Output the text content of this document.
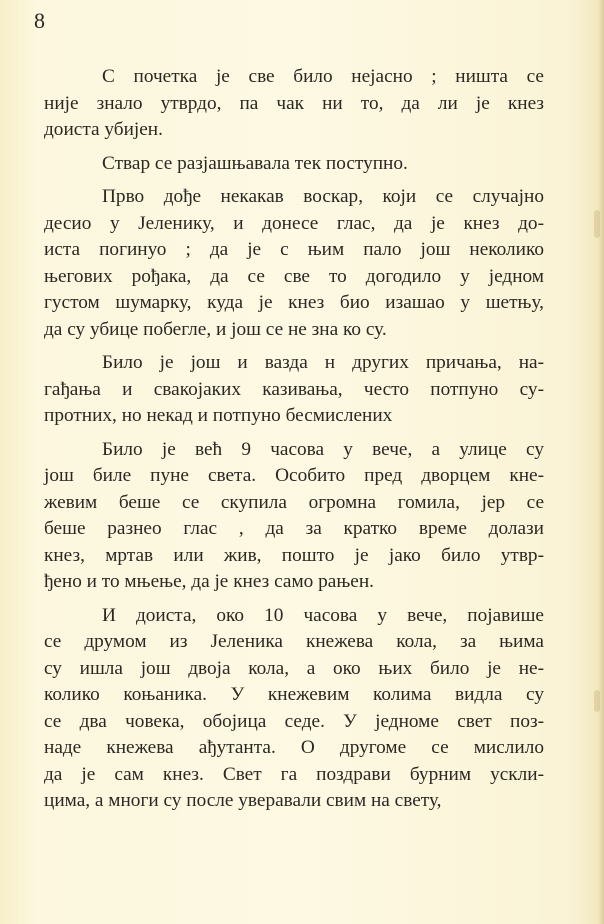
8

С почетка је све било нејасно ; ништа се
није знало утврдо, па чак ни то, да ли је кнез
доиста убијен.
Ствар се разјашњавала тек поступно.
Прво дође некакав воскар, који се случајно
десио у Јеленику, и донесе глас, да је кнез до-
иста погинуо ; да је с њим пало још неколико
његових рођака, да се све то догодило у једном
густом шумарку, куда је кнез био изашао у шетњу,
да су убице побегле, и још се не зна ко су.
Било је још и вазда н других причања, на-
гађања и свакојаких казивања, често потпуно су-
протних, но некад и потпуно бесмислених
Било је већ 9 часова у вече, а улице су
још биле пуне света. Особито пред дворцем кне-
жевим беше се скупила огромна гомила, јер се
беше разнео глас , да за кратко време долази
кнез, мртав или жив, пошто је јако било утвр-
ђено и то мњење, да је кнез само рањен.
И доиста, око 10 часова у вече, појавише
се друмом из Јеленика кнежева кола, за њима
су ишла још двоја кола, а око њих било је не-
колико коњаника. У кнежевим колима видла су
се два човека, обојица седе. У једноме свет поз-
наде кнежева ађутанта. О другоме се мислило
да је сам кнез. Свет га поздрави бурним ускли-
цима, а многи су после уверавали свим на свету,
